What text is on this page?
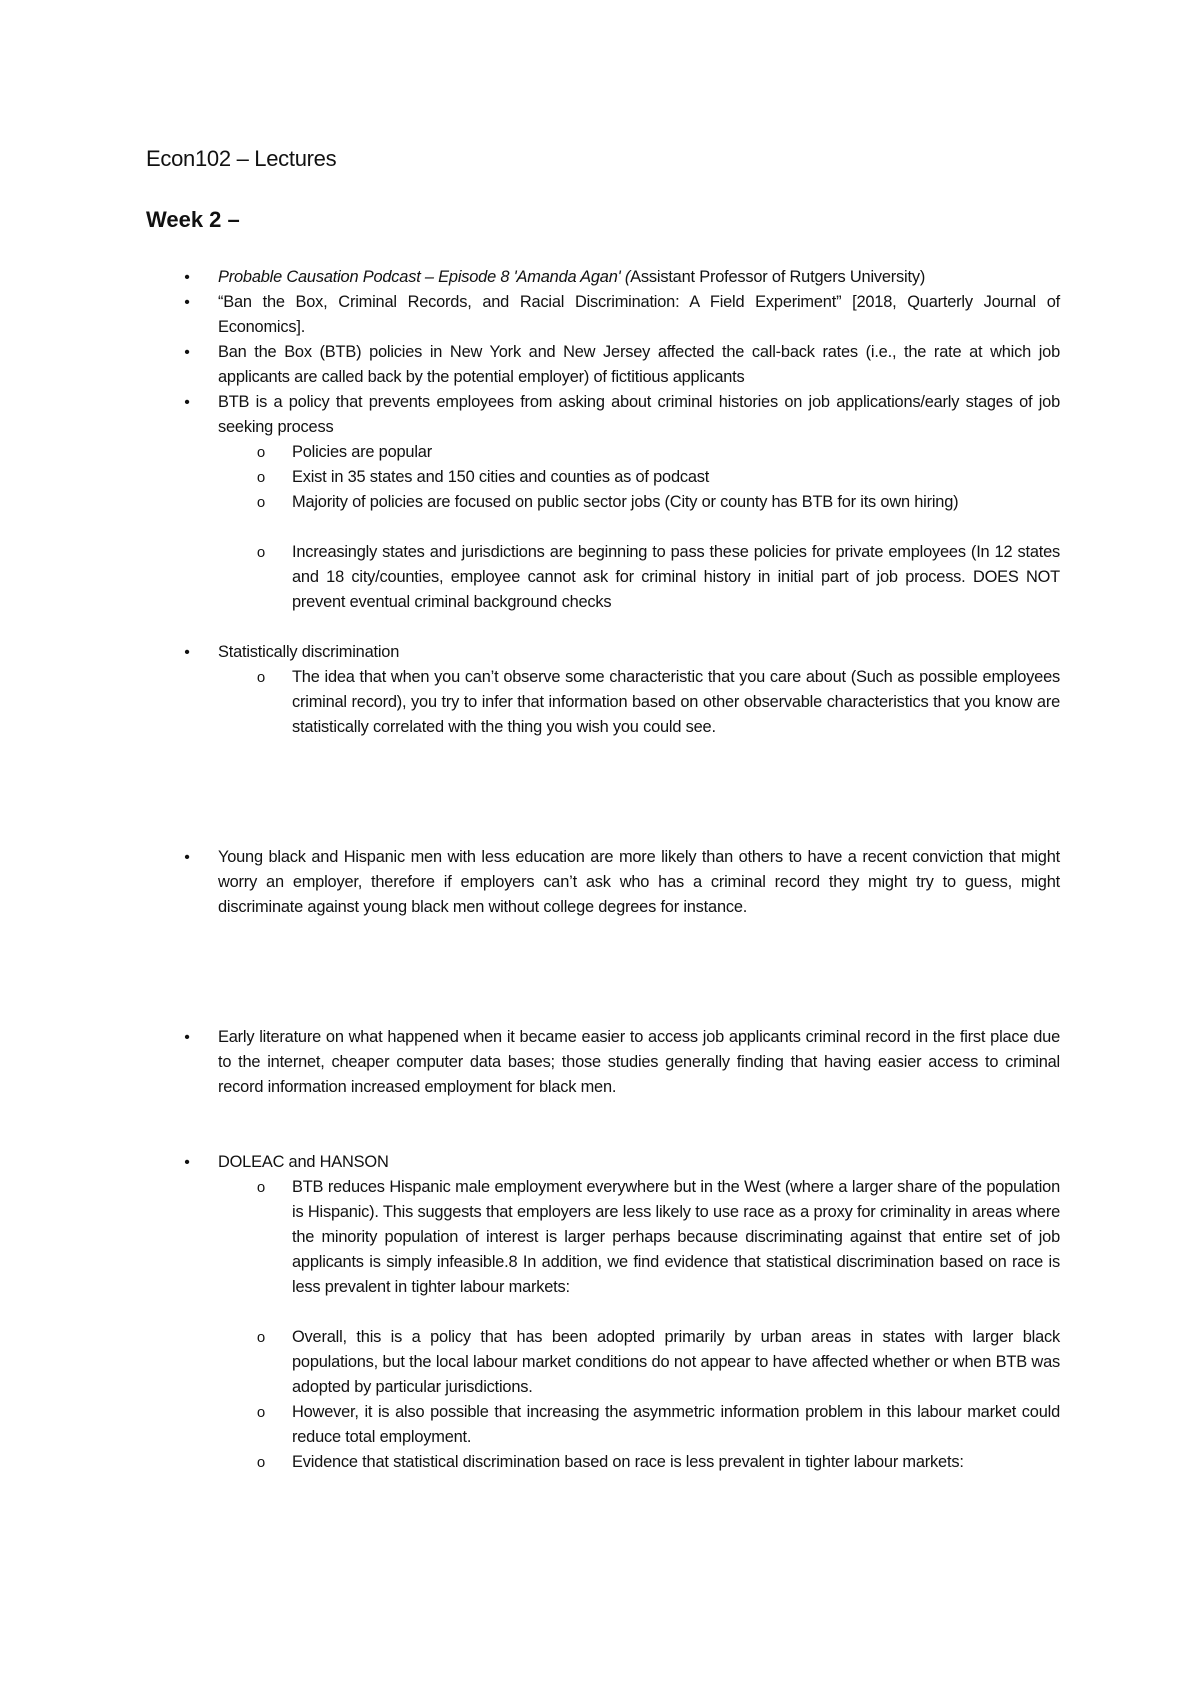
Econ102 – Lectures
Week 2 –
• Probable Causation Podcast – Episode 8 'Amanda Agan' (Assistant Professor of Rutgers University)
• “Ban the Box, Criminal Records, and Racial Discrimination: A Field Experiment” [2018, Quarterly Journal of Economics].
• Ban the Box (BTB) policies in New York and New Jersey affected the call-back rates (i.e., the rate at which job applicants are called back by the potential employer) of fictitious applicants
• BTB is a policy that prevents employees from asking about criminal histories on job applications/early stages of job seeking process
o Policies are popular
o Exist in 35 states and 150 cities and counties as of podcast
o Majority of policies are focused on public sector jobs (City or county has BTB for its own hiring)
o Increasingly states and jurisdictions are beginning to pass these policies for private employees (In 12 states and 18 city/counties, employee cannot ask for criminal history in initial part of job process. DOES NOT prevent eventual criminal background checks
• Statistically discrimination
o The idea that when you can’t observe some characteristic that you care about (Such as possible employees criminal record), you try to infer that information based on other observable characteristics that you know are statistically correlated with the thing you wish you could see.
• Young black and Hispanic men with less education are more likely than others to have a recent conviction that might worry an employer, therefore if employers can’t ask who has a criminal record they might try to guess, might discriminate against young black men without college degrees for instance.
• Early literature on what happened when it became easier to access job applicants criminal record in the first place due to the internet, cheaper computer data bases; those studies generally finding that having easier access to criminal record information increased employment for black men.
• DOLEAC and HANSON
o BTB reduces Hispanic male employment everywhere but in the West (where a larger share of the population is Hispanic). This suggests that employers are less likely to use race as a proxy for criminality in areas where the minority population of interest is larger perhaps because discriminating against that entire set of job applicants is simply infeasible.8 In addition, we find evidence that statistical discrimination based on race is less prevalent in tighter labour markets:
o Overall, this is a policy that has been adopted primarily by urban areas in states with larger black populations, but the local labour market conditions do not appear to have affected whether or when BTB was adopted by particular jurisdictions.
o However, it is also possible that increasing the asymmetric information problem in this labour market could reduce total employment.
o Evidence that statistical discrimination based on race is less prevalent in tighter labour markets:
